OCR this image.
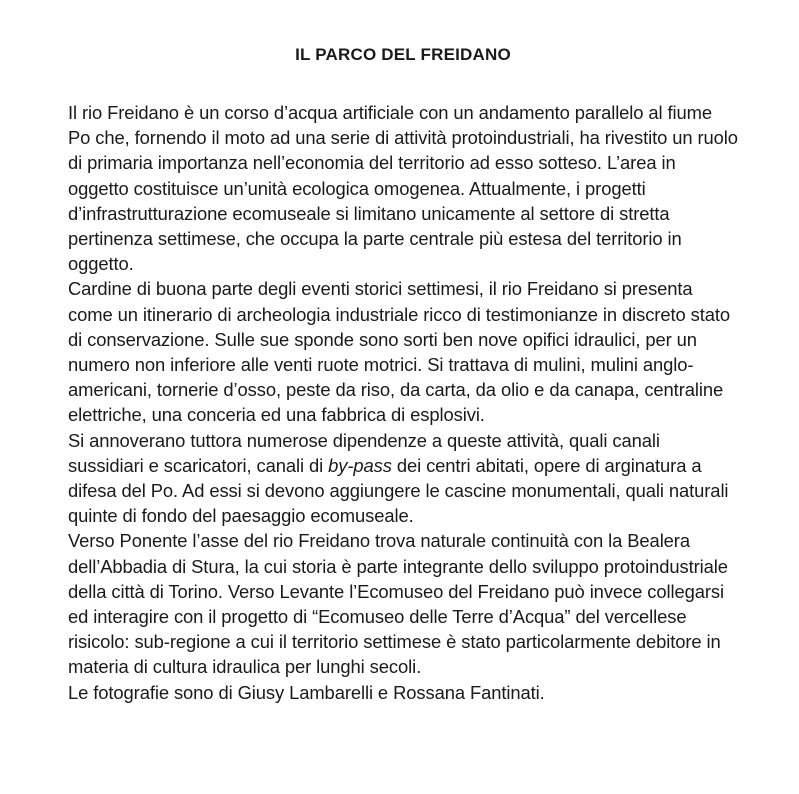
IL PARCO DEL FREIDANO
Il rio Freidano è un corso d’acqua artificiale con un andamento parallelo al fiume Po che, fornendo il moto ad una serie di attività protoindustriali, ha rivestito un ruolo di primaria importanza nell’economia del territorio ad esso sotteso. L’area in oggetto costituisce un’unità ecologica omogenea. Attualmente, i progetti d’infrastrutturazione ecomuseale si limitano unicamente al settore di stretta pertinenza settimese, che occupa la parte centrale più estesa del territorio in oggetto.
Cardine di buona parte degli eventi storici settimesi, il rio Freidano si presenta come un itinerario di archeologia industriale ricco di testimonianze in discreto stato di conservazione. Sulle sue sponde sono sorti ben nove opifici idraulici, per un numero non inferiore alle venti ruote motrici. Si trattava di mulini, mulini anglo-americani, tornerie d’osso, peste da riso, da carta, da olio e da canapa, centraline elettriche, una conceria ed una fabbrica di esplosivi.
Si annoverano tuttora numerose dipendenze a queste attività, quali canali sussidiari e scaricatori, canali di by-pass dei centri abitati, opere di arginatura a difesa del Po. Ad essi si devono aggiungere le cascine monumentali, quali naturali quinte di fondo del paesaggio ecomuseale.
Verso Ponente l’asse del rio Freidano trova naturale continuità con la Bealera dell’Abbadia di Stura, la cui storia è parte integrante dello sviluppo protoindustriale della città di Torino. Verso Levante l’Ecomuseo del Freidano può invece collegarsi ed interagire con il progetto di “Ecomuseo delle Terre d’Acqua” del vercellese risicolo: sub-regione a cui il territorio settimese è stato particolarmente debitore in materia di cultura idraulica per lunghi secoli.
Le fotografie sono di Giusy Lambarelli e Rossana Fantinati.
